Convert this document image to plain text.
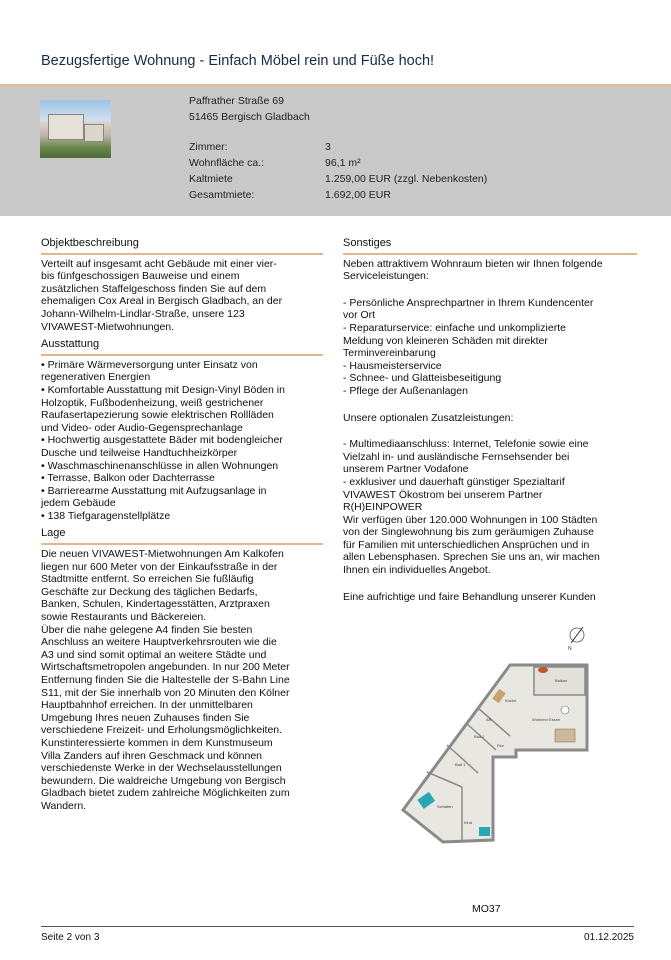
Bezugsfertige Wohnung - Einfach Möbel rein und Füße hoch!
Paffrather Straße 69
51465 Bergisch Gladbach
Zimmer:	3
Wohnfläche ca.:	96,1 m²
Kaltmiete	1.259,00 EUR (zzgl. Nebenkosten)
Gesamtmiete:	1.692,00 EUR
Objektbeschreibung

Verteilt auf insgesamt acht Gebäude mit einer vier-
bis fünfgeschossigen Bauweise und einem
zusätzlichen Staffelgeschoss finden Sie auf dem
ehemaligen Cox Areal in Bergisch Gladbach, an der
Johann-Wilhelm-Lindlar-Straße, unsere 123
VIVAWEST-Mietwohnungen.

Ausstattung

• Primäre Wärmeversorgung unter Einsatz von
regenerativen Energien
• Komfortable Ausstattung mit Design-Vinyl Böden in
Holzoptik, Fußbodenheizung, weiß gestrichener
Raufasertapezierung sowie elektrischen Rollläden
und Video- oder Audio-Gegensprechanlage
• Hochwertig ausgestattete Bäder mit bodengleicher
Dusche und teilweise Handtuchheizkörper
• Waschmaschinenanschlüsse in allen Wohnungen
• Terrasse, Balkon oder Dachterrasse
• Barrierearme Ausstattung mit Aufzugsanlage in
jedem Gebäude
• 138 Tiefgaragenstellplätze

Lage

Die neuen VIVAWEST-Mietwohnungen Am Kalkofen
liegen nur 600 Meter von der Einkaufsstraße in der
Stadtmitte entfernt. So erreichen Sie fußläufig
Geschäfte zur Deckung des täglichen Bedarfs,
Banken, Schulen, Kindertagesstätten, Arztpraxen
sowie Restaurants und Bäckereien.
Über die nahe gelegene A4 finden Sie besten
Anschluss an weitere Hauptverkehrsrouten wie die
A3 und sind somit optimal an weitere Städte und
Wirtschaftsmetropolen angebunden. In nur 200 Meter
Entfernung finden Sie die Haltestelle der S-Bahn Line
S11, mit der Sie innerhalb von 20 Minuten den Kölner
Hauptbahnhof erreichen. In der unmittelbaren
Umgebung Ihres neuen Zuhauses finden Sie
verschiedene Freizeit- und Erholungsmöglichkeiten.
Kunstinteressierte kommen in dem Kunstmuseum
Villa Zanders auf ihren Geschmack und können
verschiedenste Werke in der Wechselausstellungen
bewundern. Die waldreiche Umgebung von Bergisch
Gladbach bietet zudem zahlreiche Möglichkeiten zum
Wandern.

Sonstiges

Neben attraktivem Wohnraum bieten wir Ihnen folgende
Serviceleistungen:

- Persönliche Ansprechpartner in Ihrem Kundencenter
vor Ort
- Reparaturservice: einfache und unkomplizierte
Meldung von kleineren Schäden mit direkter
Terminvereinbarung
- Hausmeisterservice
- Schnee- und Glatteisbeseitigung
- Pflege der Außenanlagen

Unsere optionalen Zusatzleistungen:

- Multimediaanschluss: Internet, Telefonie sowie eine
Vielzahl in- und ausländische Fernsehsender bei
unserem Partner Vodafone
- exklusiver und dauerhaft günstiger Spezialtarif
VIVAWEST Ökostrom bei unserem Partner
R(H)EINPOWER
Wir verfügen über 120.000 Wohnungen in 100 Städten
von der Singlewohnung bis zum geräumigen Zuhause
für Familien mit unterschiedlichen Ansprüchen und in
allen Lebensphasen. Sprechen Sie uns an, wir machen
Ihnen ein individuelles Angebot.

Eine aufrichtige und faire Behandlung unserer Kunden

N
Balkon
Küche
Wohnen/ Essen
AR
Bad 2
Flur
Bad 1
Schlafen
Kind
MO37
Seite 2 von 3	01.12.2025
